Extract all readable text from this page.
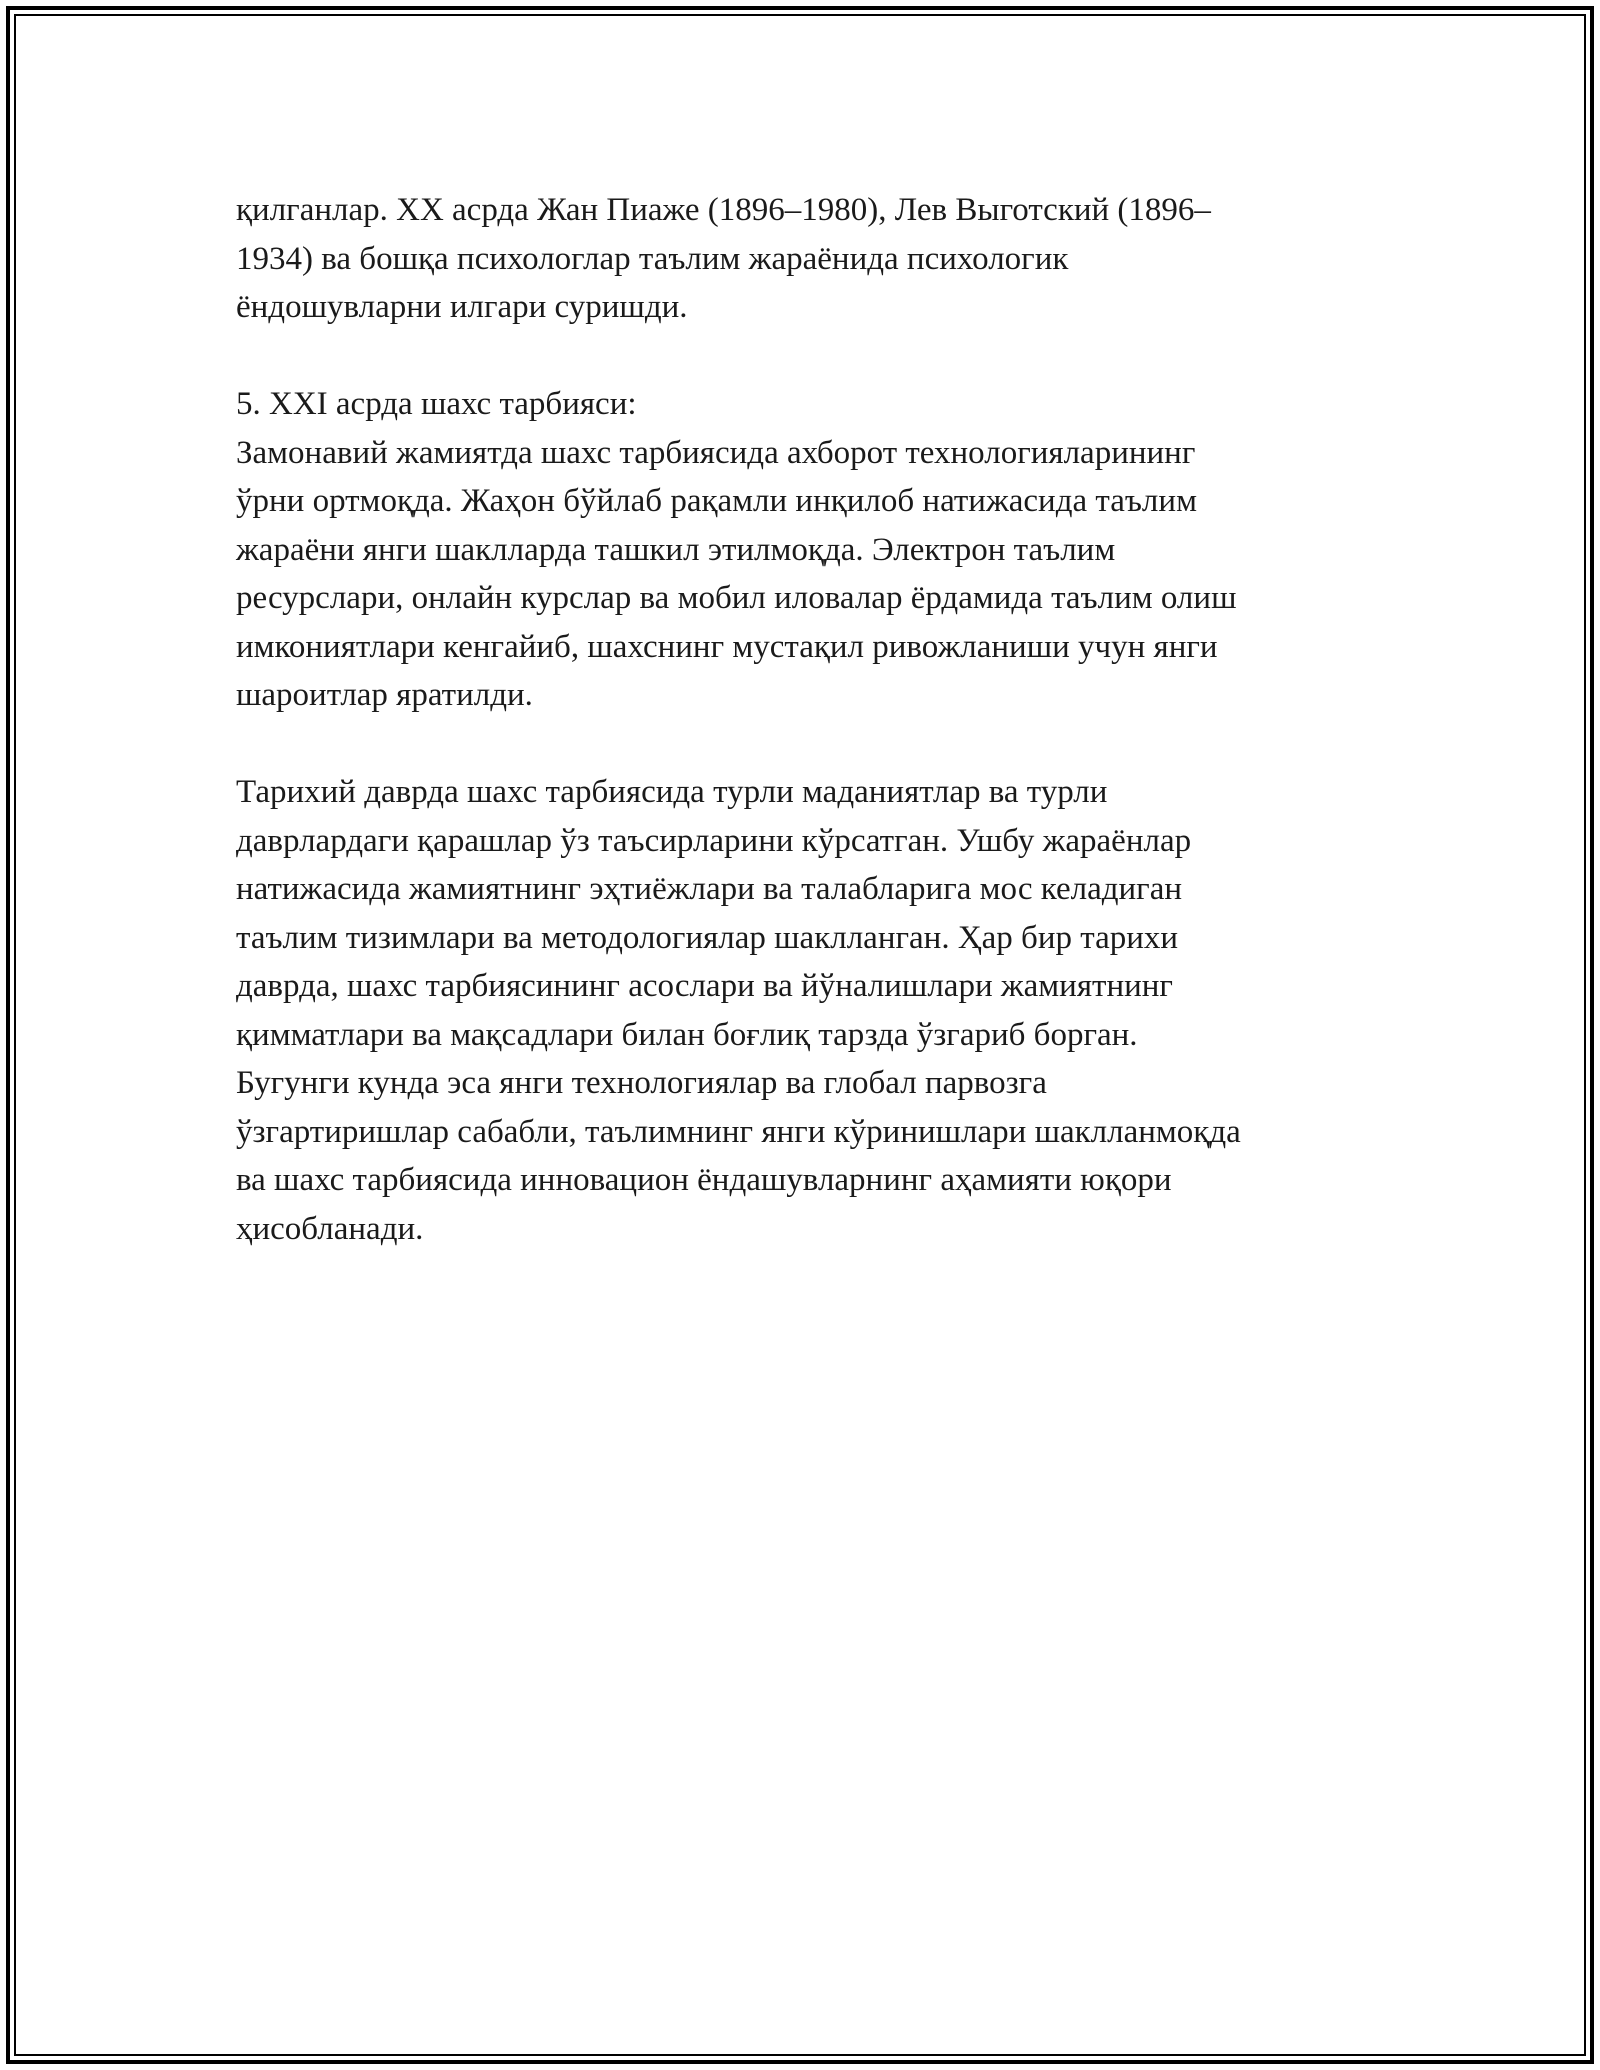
қилганлар. XX асрда Жан Пиаже (1896–1980), Лев Выготский (1896–
1934) ва бошқа психологлар таълим жараёнида психологик
ёндошувларни илгари суришди.
5. XXI асрда шахс тарбияси:
Замонавий жамиятда шахс тарбиясида ахборот технологияларининг
ўрни ортмоқда. Жаҳон бўйлаб рақамли инқилоб натижасида таълим
жараёни янги шаклларда ташкил этилмоқда. Электрон таълим
ресурслари, онлайн курслар ва мобил иловалар ёрдамида таълим олиш
имкониятлари кенгайиб, шахснинг мустақил ривожланиши учун янги
шароитлар яратилди.
Тарихий даврда шахс тарбиясида турли маданиятлар ва турли
даврлардаги қарашлар ўз таъсирларини кўрсатган. Ушбу жараёнлар
натижасида жамиятнинг эҳтиёжлари ва талабларига мос келадиган
таълим тизимлари ва методологиялар шаклланган. Ҳар бир тарихи
даврда, шахс тарбиясининг асослари ва йўналишлари жамиятнинг
қимматлари ва мақсадлари билан боғлиқ тарзда ўзгариб борган.
Бугунги кунда эса янги технологиялар ва глобал парвозга
ўзгартиришлар сабабли, таълимнинг янги кўринишлари шаклланмоқда
ва шахс тарбиясида инновацион ёндашувларнинг аҳамияти юқори
ҳисобланади.
